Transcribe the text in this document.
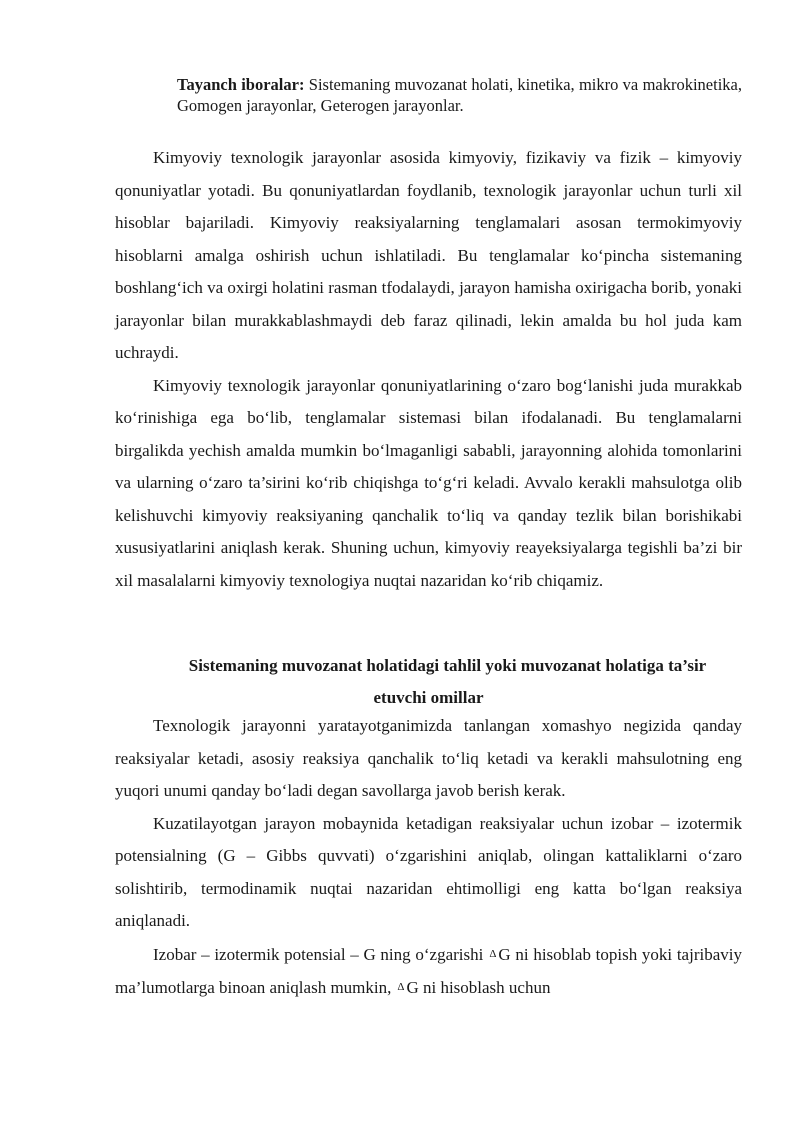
Tayanch iboralar: Sistemaning muvozanat holati, kinetika, mikro va makrokinetika, Gomogen jarayonlar, Geterogen jarayonlar.

Kimyoviy texnologik jarayonlar asosida kimyoviy, fizikaviy va fizik – kimyoviy qonuniyatlar yotadi. Bu qonuniyatlardan foydlanib, texnologik jarayonlar uchun turli xil hisoblar bajariladi. Kimyoviy reaksiyalarning tenglamalari asosan termokimyoviy hisoblarni amalga oshirish uchun ishlatiladi. Bu tenglamalar ko‘pincha sistemaning boshlang‘ich va oxirgi holatini rasman tfodalaydi, jarayon hamisha oxirigacha borib, yonaki jarayonlar bilan murakkablashmaydi deb faraz qilinadi, lekin amalda bu hol juda kam uchraydi.

Kimyoviy texnologik jarayonlar qonuniyatlarining o‘zaro bog‘lanishi juda murakkab ko‘rinishiga ega bo‘lib, tenglamalar sistemasi bilan ifodalanadi. Bu tenglamalarni birgalikda yechish amalda mumkin bo‘lmaganligi sababli, jarayonning alohida tomonlarini va ularning o‘zaro ta’sirini ko‘rib chiqishga to‘g‘ri keladi. Avvalo kerakli mahsulotga olib kelishuvchi kimyoviy reaksiyaning qanchalik to‘liq va qanday tezlik bilan borishikabi xususiyatlarini aniqlash kerak. Shuning uchun, kimyoviy reayeksiyalarga tegishli ba’zi bir xil masalalarni kimyoviy texnologiya nuqtai nazaridan ko‘rib chiqamiz.

Sistemaning muvozanat holatidagi tahlil yoki muvozanat holatiga ta’sir
etuvchi omillar

Texnologik jarayonni yaratayotganimizda tanlangan xomashyo negizida qanday reaksiyalar ketadi, asosiy reaksiya qanchalik to‘liq ketadi va kerakli mahsulotning eng yuqori unumi qanday bo‘ladi degan savollarga javob berish kerak.

Kuzatilayotgan jarayon mobaynida ketadigan reaksiyalar uchun izobar – izotermik potensialning (G – Gibbs quvvati) o‘zgarishini aniqlab, olingan kattaliklarni o‘zaro solishtirib, termodinamik nuqtai nazaridan ehtimolligi eng katta bo‘lgan reaksiya aniqlanadi.

Izobar – izotermik potensial – G ning o‘zgarishi Δ G ni hisoblab topish yoki tajribaviy ma’lumotlarga binoan aniqlash mumkin, Δ G ni hisoblash uchun
